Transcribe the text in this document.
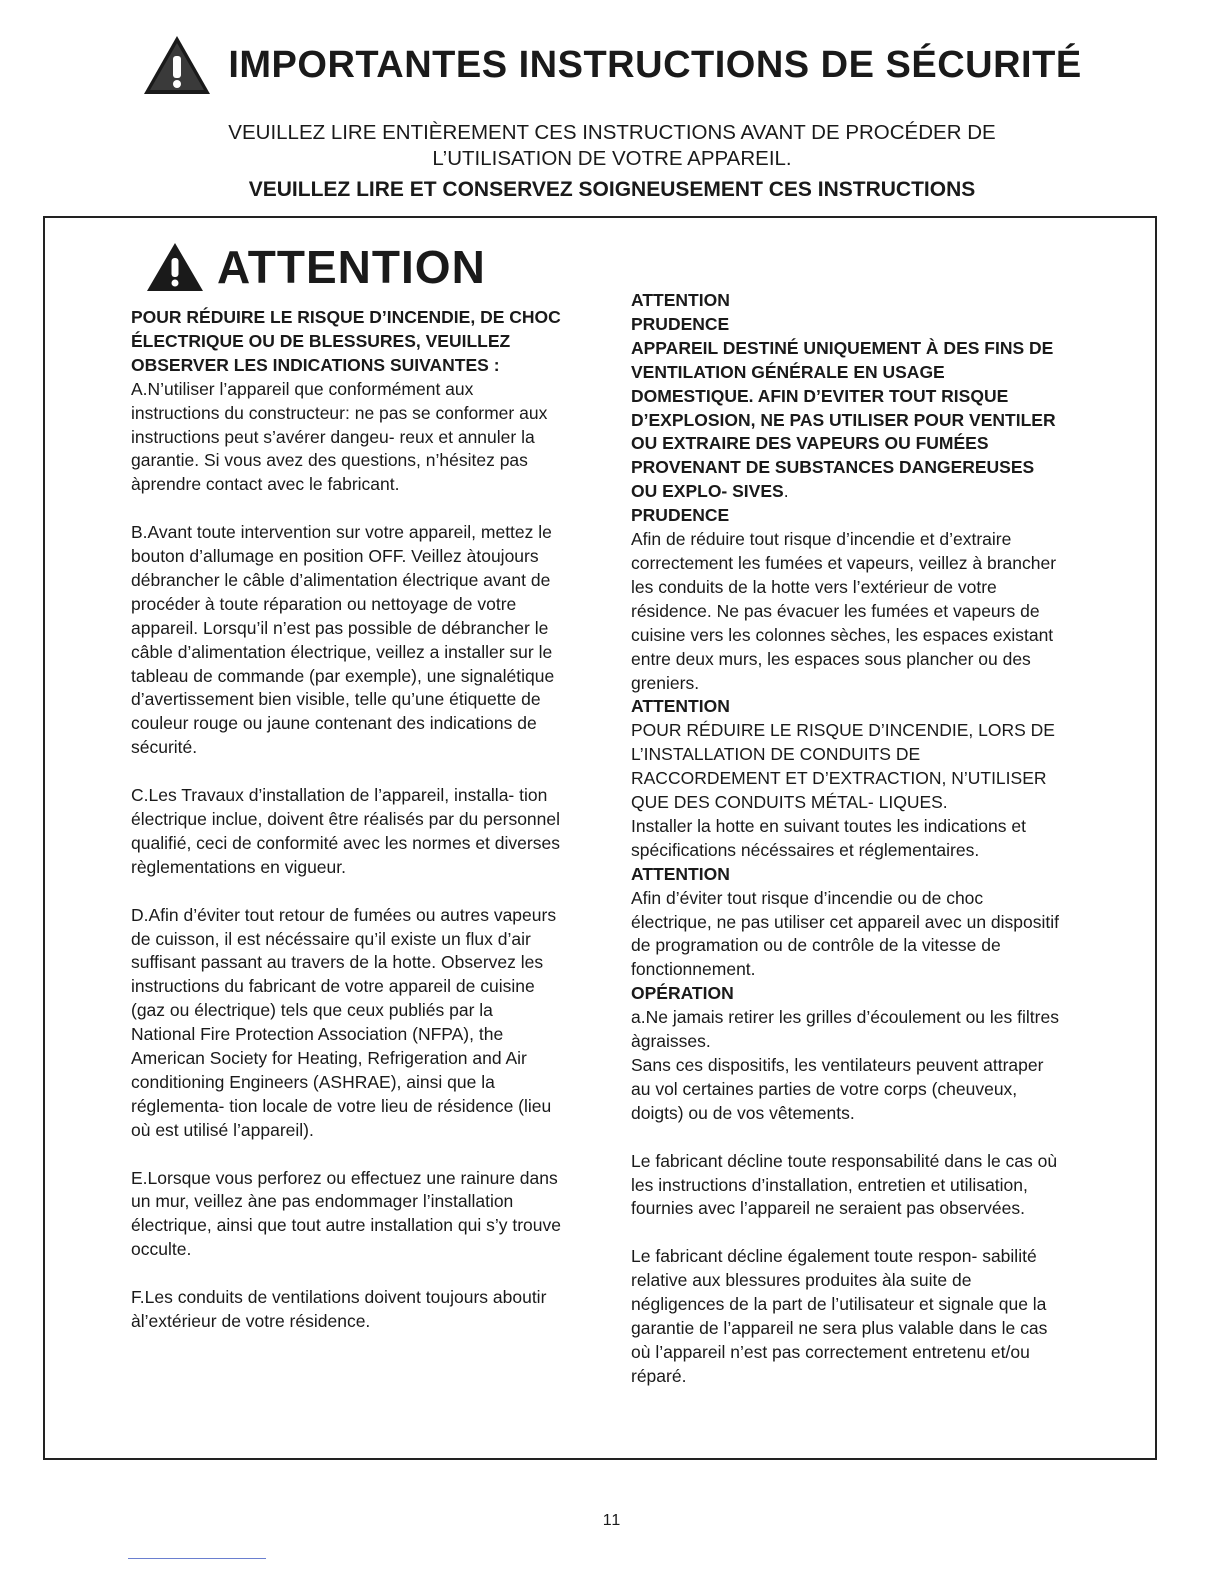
IMPORTANTES INSTRUCTIONS DE SÉCURITÉ
VEUILLEZ LIRE ENTIÈREMENT CES INSTRUCTIONS AVANT DE PROCÉDER DE
L’UTILISATION DE VOTRE APPAREIL.
VEUILLEZ LIRE ET CONSERVEZ SOIGNEUSEMENT CES INSTRUCTIONS
ATTENTION

POUR RÉDUIRE LE RISQUE D’INCENDIE, DE CHOC ÉLECTRIQUE OU DE BLESSURES, VEUILLEZ OBSERVER LES INDICATIONS SUIVANTES :

A.N’utiliser l’appareil que conformément aux instructions du constructeur: ne pas se conformer aux instructions peut s’avérer dangeu- reux et annuler la garantie. Si vous avez des questions, n’hésitez pas àprendre contact avec le fabricant.

B.Avant toute intervention sur votre appareil, mettez le bouton d’allumage en position OFF. Veillez àtoujours débrancher le câble d’alimentation électrique avant de procéder à toute réparation ou nettoyage de votre appareil. Lorsqu’il n’est pas possible de débrancher le câble d’alimentation électrique, veillez a installer sur le tableau de commande (par exemple), une signalétique d’avertissement bien visible, telle qu’une étiquette de couleur rouge ou jaune contenant des indications de sécurité.

C.Les Travaux d’installation de l’appareil, installa- tion électrique inclue, doivent être réalisés par du personnel qualifié, ceci de conformité avec les normes et diverses règlementations en vigueur.

D.Afin d’éviter tout retour de fumées ou autres vapeurs de cuisson, il est nécéssaire qu’il existe un flux d’air suffisant passant au travers de la hotte. Observez les instructions du fabricant de votre appareil de cuisine (gaz ou électrique) tels que ceux publiés par la National Fire Protection Association (NFPA), the American Society for Heating, Refrigeration and Air conditioning Engineers (ASHRAE), ainsi que la réglementa- tion locale de votre lieu de résidence (lieu où est utilisé l’appareil).

E.Lorsque vous perforez ou effectuez une rainure dans un mur, veillez àne pas endommager l’installation électrique, ainsi que tout autre installation qui s’y trouve occulte.

F.Les conduits de ventilations doivent toujours aboutir àl’extérieur de votre résidence.

ATTENTION

PRUDENCE

APPAREIL DESTINÉ UNIQUEMENT À DES FINS DE VENTILATION GÉNÉRALE EN USAGE DOMESTIQUE. AFIN D’EVITER TOUT RISQUE D’EXPLOSION, NE PAS UTILISER POUR VENTILER OU EXTRAIRE DES VAPEURS OU FUMÉES PROVENANT DE SUBSTANCES DANGEREUSES OU EXPLO- SIVES.

PRUDENCE

Afin de réduire tout risque d’incendie et d’extraire correctement les fumées et vapeurs, veillez à brancher les conduits de la hotte vers l’extérieur de votre résidence. Ne pas évacuer les fumées et vapeurs de cuisine vers les colonnes sèches, les espaces existant entre deux murs, les espaces sous plancher ou des greniers.

ATTENTION

POUR RÉDUIRE LE RISQUE D’INCENDIE, LORS DE L’INSTALLATION DE CONDUITS DE RACCORDEMENT ET D’EXTRACTION, N’UTILISER QUE DES CONDUITS MÉTAL- LIQUES.

Installer la hotte en suivant toutes les indications et spécifications nécéssaires et réglementaires.

ATTENTION

Afin d’éviter tout risque d’incendie ou de choc électrique, ne pas utiliser cet appareil avec un dispositif de programation ou de contrôle de la vitesse de fonctionnement.

OPÉRATION

a.Ne jamais retirer les grilles d’écoulement ou les filtres àgraisses.

Sans ces dispositifs, les ventilateurs peuvent attraper au vol certaines parties de votre corps (cheuveux, doigts) ou de vos vêtements.

Le fabricant décline toute responsabilité dans le cas où les instructions d’installation, entretien et utilisation, fournies avec l’appareil ne seraient pas observées.

Le fabricant décline également toute respon- sabilité relative aux blessures produites àla suite de négligences de la part de l’utilisateur et signale que la garantie de l’appareil ne sera plus valable dans le cas où l’appareil n’est pas correctement entretenu et/ou réparé.

11
